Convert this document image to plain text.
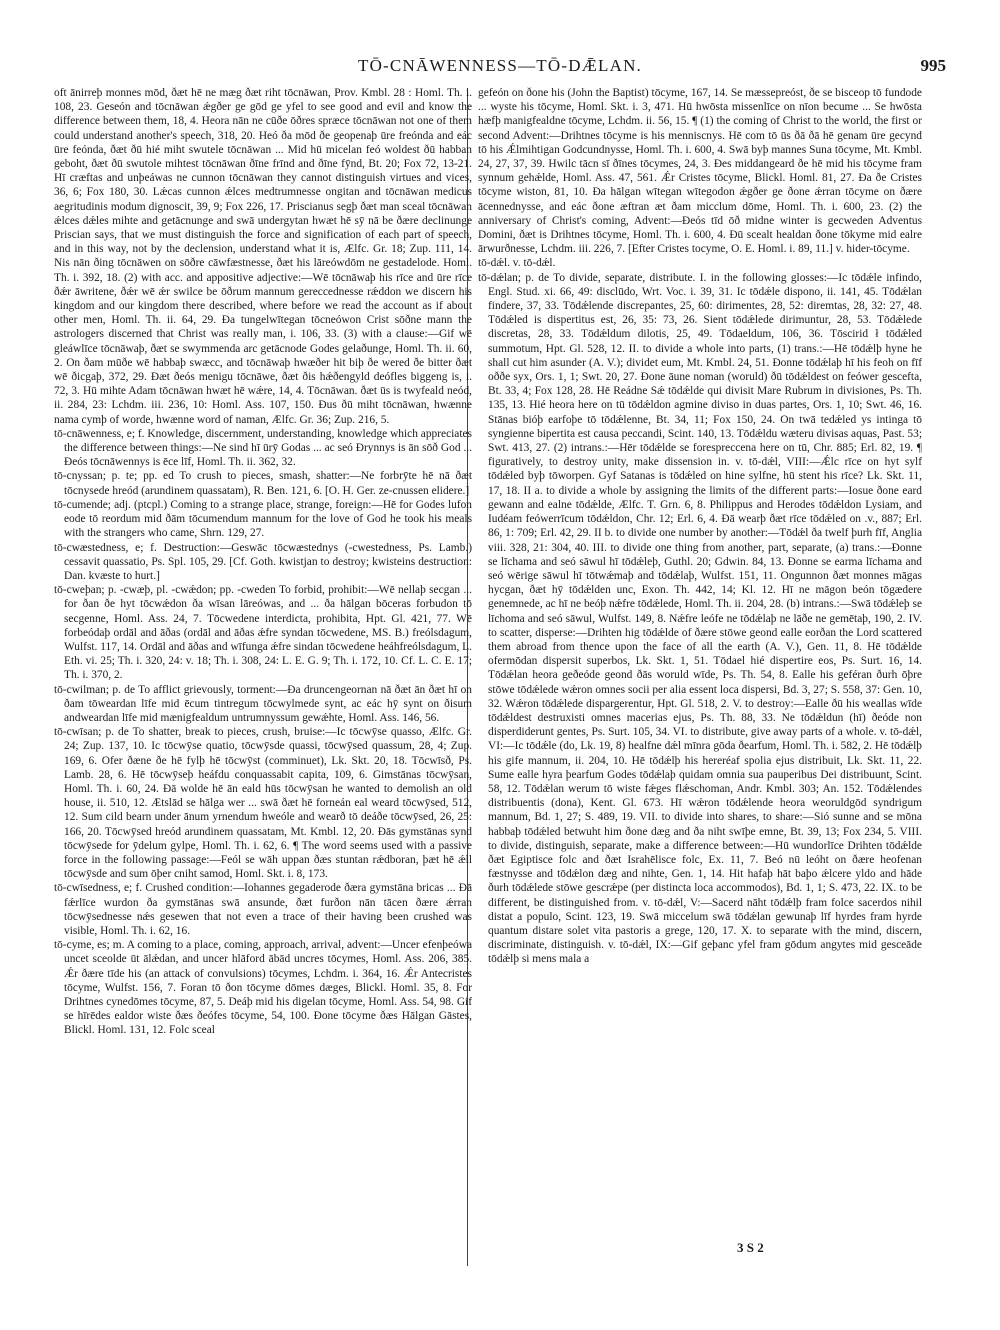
TŌ-CNĀWENNESS—TŌ-DǢLAN.	995

oft ānirreþ monnes mōd, ðæt hē ne mæg ðæt riht tōcnāwan, Prov. Kmbl. 28 : Homl. Th. i. 108, 23. Geseón and tōcnāwan ǽgðer ge gōd ge yfel to see good and evil and know the difference between them, 18, 4. Heora nān ne cūðe ōðres spræce tōcnāwan not one of them could understand another's speech, 318, 20. Heó ða mōd ðe geopenaþ ūre freónda and eác ūre feónda, ðæt ðū hié miht swutele tōcnāwan ... Mid hū micelan feó woldest ðū habban geboht, ðæt ðū swutole mihtest tōcnāwan ðīne frīnd and ðīne fȳnd, Bt. 20; Fox 72, 13-21. Hī cræftas and unþeáwas ne cunnon tōcnāwan they cannot distinguish virtues and vices, 36, 6; Fox 180, 30. Lǽcas cunnon ǽlces medtrumnesse ongitan and tōcnāwan medicus aegritudinis modum dignoscit, 39, 9; Fox 226, 17. Priscianus segþ ðæt man sceal tōcnāwan ǽlces dǽles mihte and getācnunge and swā undergytan hwæt hē sȳ nā be ðære declinunge Priscian says, that we must distinguish the force and signification of each part of speech, and in this way, not by the declension, understand what it is, Ælfc. Gr. 18; Zup. 111, 14. Nis nān ðing tōcnāwen on sōðre cāwfæstnesse, ðæt his lāreówdōm ne gestadelode. Homl. Th. i. 392, 18. (2) with acc. and appositive adjective:—Wē tōcnāwaþ his rīce and ūre rīce ðǽr āwritene, ðǽr wē ǽr swilce be ōðrum mannum gereccednesse rǽddon we discern his kingdom and our kingdom there described, where before we read the account as if about other men, Homl. Th. ii. 64, 29. Ða tungelwītegan tōcneówon Crist sōðne mann the astrologers discerned that Christ was really man, i. 106, 33. (3) with a clause:—Gif wē gleáwlīce tōcnāwaþ, ðæt se swymmenda arc getācnode Godes gelaðunge, Homl. Th. ii. 60, 2. On ðam mūðe wē habbaþ swæcc, and tōcnāwaþ hwæðer hit biþ ðe wered ðe bitter ðæt wē ðicgaþ, 372, 29. Ðæt ðeós menigu tōcnāwe, ðæt ðis hǽðengyld deófles biggeng is, i. 72, 3. Hū mihte Adam tōcnāwan hwæt hē wǽre, 14, 4. Tōcnāwan. ðæt ūs is twyfeald neód, ii. 284, 23: Lchdm. iii. 236, 10: Homl. Ass. 107, 150. Ðus ðū miht tōcnāwan, hwænne nama cymþ of worde, hwænne word of naman, Ælfc. Gr. 36; Zup. 216, 5.

tō-cnāwenness, e; f. Knowledge, discernment, understanding, knowledge which appreciates the difference between things:—Ne sind hī ūrȳ Godas ... ac seó Ðrynnys is ān sōð God ... Ðeós tōcnāwennys is ēce līf, Homl. Th. ii. 362, 32.

tō-cnyssan; p. te; pp. ed To crush to pieces, smash, shatter:—Ne forbrȳte hē nā ðæt tōcnysede hreód (arundinem quassatam), R. Ben. 121, 6. [O. H. Ger. ze-cnussen elidere.]

tō-cumende; adj. (ptcpl.) Coming to a strange place, strange, foreign:—Hē for Godes lufon eode tō reordum mid ðām tōcumendum mannum for the love of God he took his meals with the strangers who came, Shrn. 129, 27.

tō-cwæstedness, e; f. Destruction:—Geswāc tōcwæstednys (-cwestedness, Ps. Lamb.) cessavit quassatio, Ps. Spl. 105, 29. [Cf. Goth. kwistjan to destroy; kwisteins destruction: Dan. kvæste to hurt.]

tō-cweþan; p. -cwæþ, pl. -cwǽdon; pp. -cweden To forbid, prohibit:—Wē nellaþ secgan ... for ðan ðe hyt tōcwǽdon ða wīsan lāreówas, and ... ða hālgan bōceras forbudon tō secgenne, Homl. Ass. 24, 7. Tōcwedene interdicta, prohibita, Hpt. Gl. 421, 77. Wē forbeódaþ ordāl and āðas (ordāl and āðas ǽfre syndan tōcwedene, MS. B.) freólsdagum, Wulfst. 117, 14. Ordāl and āðas and wīfunga ǽfre sindan tōcwedene heáhfreólsdagum, L. Eth. vi. 25; Th. i. 320, 24: v. 18; Th. i. 308, 24: L. E. G. 9; Th. i. 172, 10. Cf. L. C. E. 17; Th. i. 370, 2.

tō-cwilman; p. de To afflict grievously, torment:—Ða druncengeornan nā ðæt ān ðæt hī on ðam tōweardan līfe mid ēcum tintregum tōcwylmede synt, ac eác hȳ synt on ðisum andweardan līfe mid mænigfealdum untrumnyssum gewǽhte, Homl. Ass. 146, 56.

tō-cwīsan; p. de To shatter, break to pieces, crush, bruise:—Ic tōcwȳse quasso, Ælfc. Gr. 24; Zup. 137, 10. Ic tōcwȳse quatio, tōcwȳsde quassi, tōcwȳsed quassum, 28, 4; Zup. 169, 6. Ofer ðæne ðe hē fylþ hē tōcwȳst (comminuet), Lk. Skt. 20, 18. Tōcwīsð, Ps. Lamb. 28, 6. Hē tōcwȳseþ heáfdu conquassabit capita, 109, 6. Gimstānas tōcwȳsan, Homl. Th. i. 60, 24. Ðā wolde hē ān eald hūs tōcwȳsan he wanted to demolish an old house, ii. 510, 12. Ætslād se hālga wer ... swā ðæt hē forneán eal weard tōcwȳsed, 512, 12. Sum cild bearn under ānum yrnendum hweóle and wearð tō deáðe tōcwȳsed, 26, 25: 166, 20. Tōcwȳsed hreód arundinem quassatam, Mt. Kmbl. 12, 20. Ðās gymstānas synd tōcwȳsede for ȳdelum gylpe, Homl. Th. i. 62, 6. ¶ The word seems used with a passive force in the following passage:—Feól se wāh uppan ðæs stuntan rǽdboran, þæt hē ǽll tōcwȳsde and sum ōþer cniht samod, Homl. Skt. i. 8, 173.

tō-cwīsedness, e; f. Crushed condition:—Iohannes gegaderode ðæra gymstāna bricas ... Ðā fǽrlīce wurdon ða gymstānas swā ansunde, ðæt furðon nān tācen ðære ǽrran tōcwȳsednesse nǽs gesewen that not even a trace of their having been crushed was visible, Homl. Th. i. 62, 16.

tō-cyme, es; m. A coming to a place, coming, approach, arrival, advent:—Uncer efenþeówa uncet sceolde ūt ālǽdan, and uncer hlāford ābād uncres tōcymes, Homl. Ass. 206, 385. Ǽr ðære tīde his (an attack of convulsions) tōcymes, Lchdm. i. 364, 16. Ǽr Antecristes tōcyme, Wulfst. 156, 7. Foran tō ðon tōcyme dōmes dæges, Blickl. Homl. 35, 8. For Drihtnes cynedōmes tōcyme, 87, 5. Deáþ mid his digelan tōcyme, Homl. Ass. 54, 98. Gif se hīrēdes ealdor wiste ðæs ðeófes tōcyme, 54, 100. Ðone tōcyme ðæs Hālgan Gāstes, Blickl. Homl. 131, 12. Folc sceal

gefeón on ðone his (John the Baptist) tōcyme, 167, 14. Se mæssepreóst, ðe se bisceop tō fundode ... wyste his tōcyme, Homl. Skt. i. 3, 471. Hū hwōsta missenlīce on nīon becume ... Se hwōsta hæfþ manigfealdne tōcyme, Lchdm. ii. 56, 15. ¶ (1) the coming of Christ to the world, the first or second Advent:—Drihtnes tōcyme is his menniscnys. Hē com tō ūs ðā ðā hē genam ūre gecynd tō his Ǽlmihtigan Godcundnysse, Homl. Th. i. 600, 4. Swā byþ mannes Suna tōcyme, Mt. Kmbl. 24, 27, 37, 39. Hwilc tācn sī ðīnes tōcymes, 24, 3. Ðes middangeard ðe hē mid his tōcyme fram synnum gehǽlde, Homl. Ass. 47, 561. Ǽr Cristes tōcyme, Blickl. Homl. 81, 27. Ða ðe Cristes tōcyme wiston, 81, 10. Ða hālgan wītegan wītegodon ǽgðer ge ðone ǽrran tōcyme on ðære ācennednysse, and eác ðone æftran æt ðam micclum dōme, Homl. Th. i. 600, 23. (2) the anniversary of Christ's coming, Advent:—Ðeós tīd ōð midne winter is gecweden Adventus Domini, ðæt is Drihtnes tōcyme, Homl. Th. i. 600, 4. Ðū scealt healdan ðone tōkyme mid ealre ārwurðnesse, Lchdm. iii. 226, 7. [Efter Cristes tocyme, O. E. Homl. i. 89, 11.] v. hider-tōcyme.

tō-dǽl. v. tō-dǽl.

tō-dǽlan; p. de To divide, separate, distribute. I. in the following glosses:—Ic tōdǽle infindo, Engl. Stud. xi. 66, 49: disclūdo, Wrt. Voc. i. 39, 31. Ic tōdǽle dispono, ii. 141, 45. Tōdǽlan findere, 37, 33. Tōdǽlende discrepantes, 25, 60: dirimentes, 28, 52: diremtas, 28, 32: 27, 48. Tōdǽled is dispertitus est, 26, 35: 73, 26. Sient tōdǽlede dirimuntur, 28, 53. Tōdǽlede discretas, 28, 33. Tōdǽldum dilotis, 25, 49. Tōdaeldum, 106, 36. Tōscirid ł tōdǽled summotum, Hpt. Gl. 528, 12. II. to divide a whole into parts, (1) trans.:—Hē tōdǽlþ hyne he shall cut him asunder (A. V.); dividet eum, Mt. Kmbl. 24, 51. Ðonne tōdǽlaþ hī his feoh on fīf oððe syx, Ors. 1, 1; Swt. 20, 27. Ðone āune noman (woruld) ðū tōdǽldest on feówer gescefta, Bt. 33, 4; Fox 128, 28. Hē Reádne Sǽ tōdǽlde qui divisit Mare Rubrum in divisiones, Ps. Th. 135, 13. Hié heora here on tū tōdǽldon agmine diviso in duas partes, Ors. 1, 10; Swt. 46, 16. Stānas bióþ earfoþe tō tōdǽlenne, Bt. 34, 11; Fox 150, 24. On twā tedǽled ys intinga tō syngienne bipertita est causa peccandi, Scint. 140, 13. Tōdǽldu wæteru divisas aquas, Past. 53; Swt. 413, 27. (2) intrans.:—Hēr tōdǽlde se forespreccena here on tū, Chr. 885; Erl. 82, 19. ¶ figuratively, to destroy unity, make dissension in. v. tō-dǽl, VIII:—Ǽlc rīce on hyt sylf tōdǽled byþ tōworpen. Gyf Satanas is tōdǽled on hine sylfne, hū stent his rīce? Lk. Skt. 11, 17, 18. II a. to divide a whole by assigning the limits of the different parts:—Iosue ðone eard gewann and ealne tōdǽlde, Ælfc. T. Grn. 6, 8. Philippus and Herodes tōdǽldon Lysiam, and Iudéam feówerrīcum tōdǽldon, Chr. 12; Erl. 6, 4. Ðā wearþ ðæt rīce tōdǽled on .v., 887; Erl. 86, 1: 709; Erl. 42, 29. II b. to divide one number by another:—Tōdǽl ða twelf þurh fīf, Anglia viii. 328, 21: 304, 40. III. to divide one thing from another, part, separate, (a) trans.:—Ðonne se līchama and seó sāwul hī tōdǽleþ, Guthl. 20; Gdwin. 84, 13. Ðonne se earma līchama and seó wērige sāwul hī tōtwǽmaþ and tōdǽlaþ, Wulfst. 151, 11. Ongunnon ðæt monnes māgas hycgan, ðæt hȳ tōdǽlden unc, Exon. Th. 442, 14; Kl. 12. Hī ne māgon beón tōgædere genemnede, ac hī ne beóþ nǽfre tōdǽlede, Homl. Th. ii. 204, 28. (b) intrans.:—Swā tōdǽleþ se līchoma and seó sāwul, Wulfst. 149, 8. Nǽfre leófe ne tōdǽlaþ ne lāðe ne gemētaþ, 190, 2. IV. to scatter, disperse:—Drihten hig tōdǽlde of ðære stōwe geond ealle eorðan the Lord scattered them abroad from thence upon the face of all the earth (A. V.), Gen. 11, 8. Hē tōdǽlde ofermōdan dispersit superbos, Lk. Skt. 1, 51. Tōdael hié dispertire eos, Ps. Surt. 16, 14. Tōdǽlan heora geðeóde geond ðās woruld wīde, Ps. Th. 54, 8. Ealle his geféran ðurh ōþre stōwe tōdǽlede wǽron omnes socii per alia essent loca dispersi, Bd. 3, 27; S. 558, 37: Gen. 10, 32. Wǽron tōdǽlede dispargerentur, Hpt. Gl. 518, 2. V. to destroy:—Ealle ðū his weallas wīde tōdǽldest destruxisti omnes macerias ejus, Ps. Th. 88, 33. Ne tōdǽldun (hī) ðeóde non disperdiderunt gentes, Ps. Surt. 105, 34. VI. to distribute, give away parts of a whole. v. tō-dǽl, VI:—Ic tōdǽle (do, Lk. 19, 8) healfne dǽl mīnra gōda ðearfum, Homl. Th. i. 582, 2. Hē tōdǽlþ his gife mannum, ii. 204, 10. Hē tōdǽlþ his hereréaf spolia ejus distribuit, Lk. Skt. 11, 22. Sume ealle hyra þearfum Godes tōdǽlaþ quidam omnia sua pauperibus Dei distribuunt, Scint. 58, 12. Tōdǽlan werum tō wiste fǽges flǽschoman, Andr. Kmbl. 303; An. 152. Tōdǽlendes distribuentis (dona), Kent. Gl. 673. Hī wǽron tōdǽlende heora weoruldgōd syndrigum mannum, Bd. 1, 27; S. 489, 19. VII. to divide into shares, to share:—Sió sunne and se mōna habbaþ tōdǽled betwuht him ðone dæg and ða niht swīþe emne, Bt. 39, 13; Fox 234, 5. VIII. to divide, distinguish, separate, make a difference between:—Hū wundorlīce Drihten tōdǽlde ðæt Egiptisce folc and ðæt Israhēlisce folc, Ex. 11, 7. Beó nū leóht on ðære heofenan fæstnysse and tōdǽlon dæg and nihte, Gen. 1, 14. Hit hafaþ hāt baþo ǽlcere yldo and hāde ðurh tōdǽlede stōwe gescrǽpe (per distincta loca accommodos), Bd. 1, 1; S. 473, 22. IX. to be different, be distinguished from. v. tō-dǽl, V:—Sacerd nāht tōdǽlþ fram folce sacerdos nihil distat a populo, Scint. 123, 19. Swā miccelum swā tōdǽlan gewunaþ līf hyrdes fram hyrde quantum distare solet vita pastoris a grege, 120, 17. X. to separate with the mind, discern, discriminate, distinguish. v. tō-dǽl, IX:—Gif geþanc yfel fram gōdum angytes mid gesceāde tōdǽlþ si mens mala a

3 S 2
